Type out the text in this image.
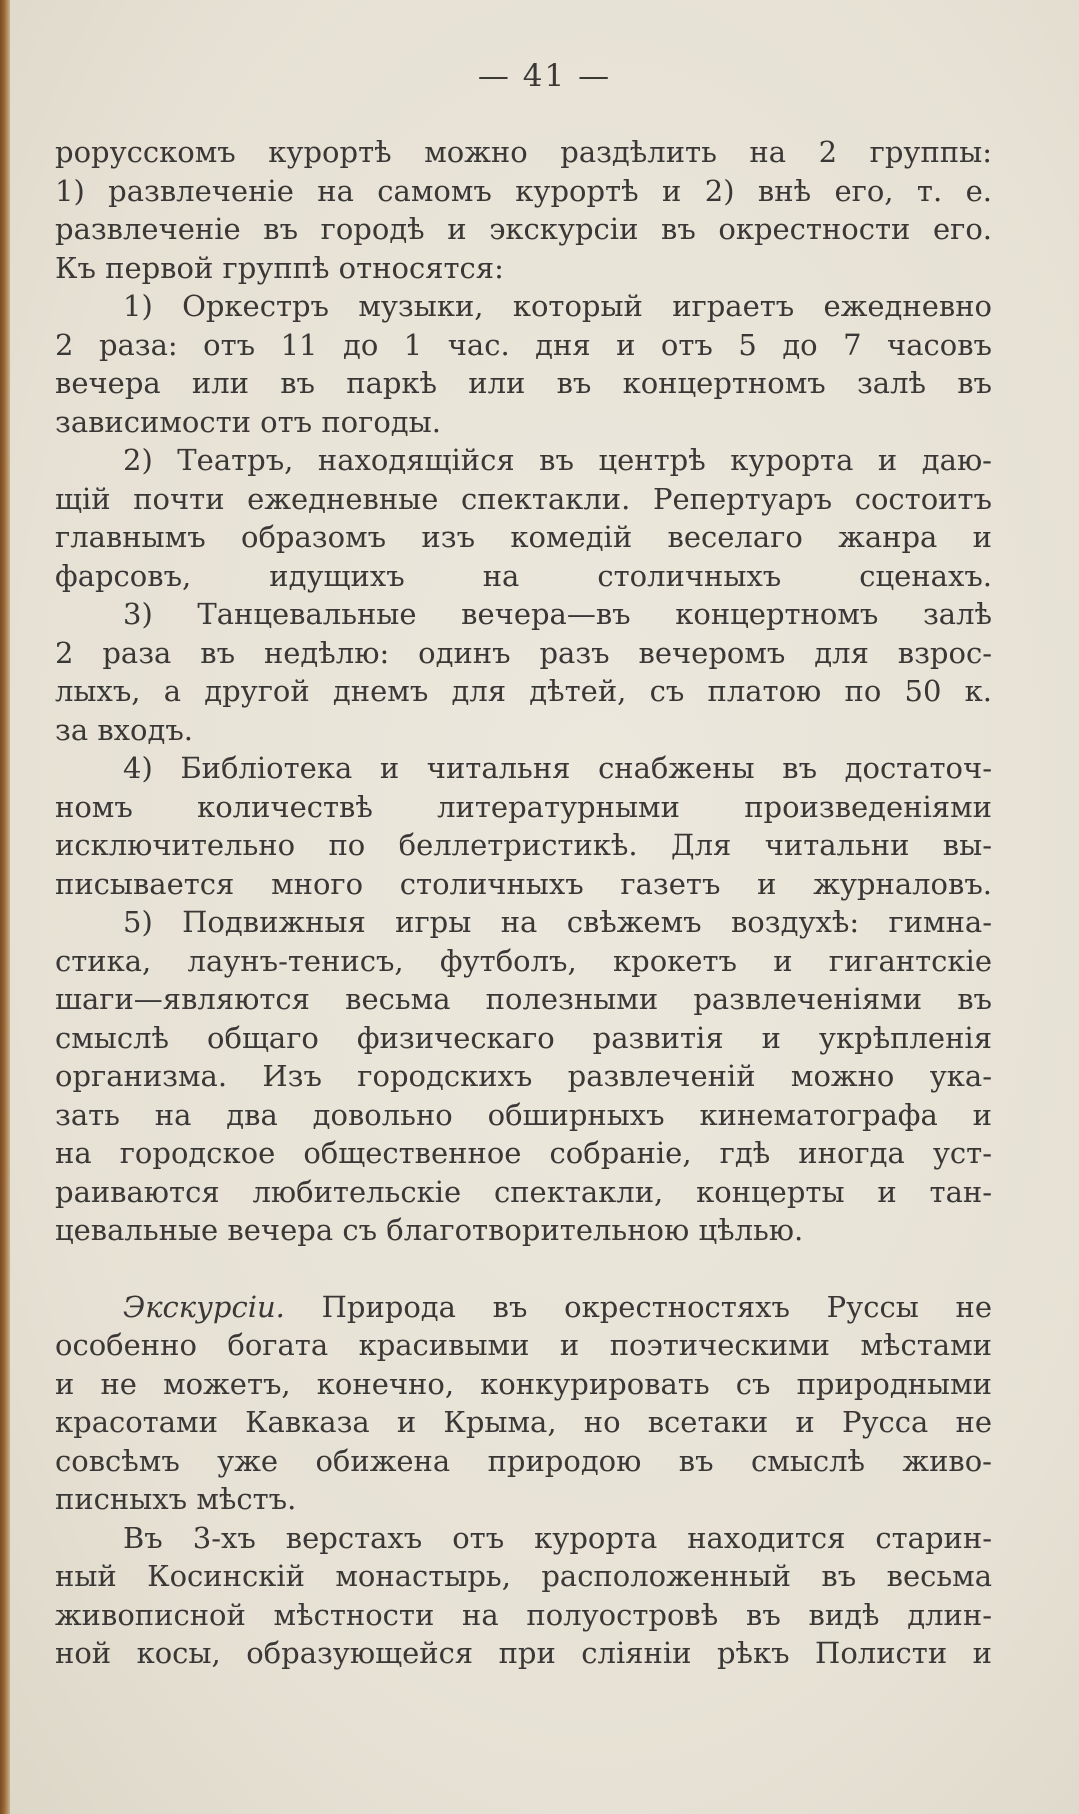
— 41 —
рорусскомъ курортѣ можно раздѣлить на 2 группы:
1) развлеченіе на самомъ курортѣ и 2) внѣ его, т. е.
развлеченіе въ городѣ и экскурсіи въ окрестности его.
Къ первой группѣ относятся:
1) Оркестръ музыки, который играетъ ежедневно
2 раза: отъ 11 до 1 час. дня и отъ 5 до 7 часовъ
вечера или въ паркѣ или въ концертномъ залѣ въ
зависимости отъ погоды.
2) Театръ, находящійся въ центрѣ курорта и даю-
щій почти ежедневные спектакли. Репертуаръ состоитъ
главнымъ образомъ изъ комедій веселаго жанра и
фарсовъ, идущихъ на столичныхъ сценахъ.
3) Танцевальные вечера—въ концертномъ залѣ
2 раза въ недѣлю: одинъ разъ вечеромъ для взрос-
лыхъ, а другой днемъ для дѣтей, съ платою по 50 к.
за входъ.
4) Библіотека и читальня снабжены въ достаточ-
номъ количествѣ литературными произведеніями
исключительно по беллетристикѣ. Для читальни вы-
писывается много столичныхъ газетъ и журналовъ.
5) Подвижныя игры на свѣжемъ воздухѣ: гимна-
стика, лаунъ-тенисъ, футболъ, крокетъ и гигантскіе
шаги—являются весьма полезными развлеченіями въ
смыслѣ общаго физическаго развитія и укрѣпленія
организма. Изъ городскихъ развлеченій можно ука-
зать на два довольно обширныхъ кинематографа и
на городское общественное собраніе, гдѣ иногда уст-
раиваются любительскіе спектакли, концерты и тан-
цевальные вечера съ благотворительною цѣлью.
Экскурсіи. Природа въ окрестностяхъ Руссы не
особенно богата красивыми и поэтическими мѣстами
и не можетъ, конечно, конкурировать съ природными
красотами Кавказа и Крыма, но всетаки и Русса не
совсѣмъ уже обижена природою въ смыслѣ живо-
писныхъ мѣстъ.
Въ 3-хъ верстахъ отъ курорта находится старин-
ный Косинскій монастырь, расположенный въ весьма
живописной мѣстности на полуостровѣ въ видѣ длин-
ной косы, образующейся при сліяніи рѣкъ Полисти и
